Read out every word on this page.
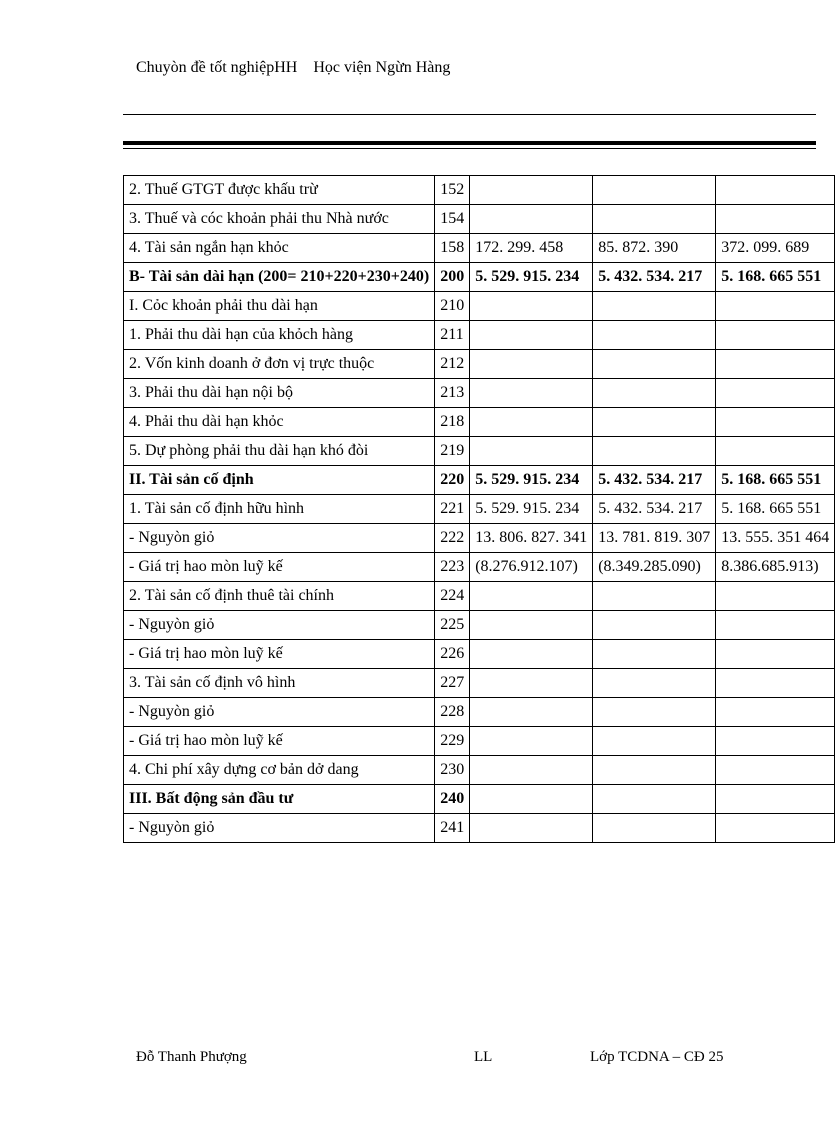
Chuyòn đề tốt nghiệpHH    Học viện Ngừn Hàng
2. Thuế GTGT được khấu trừ	152			
3. Thuế và cóc khoản phải thu Nhà nước	154			
4. Tài sản ngắn hạn khỏc	158	172. 299. 458	85. 872. 390	372. 099. 689
B- Tài sản dài hạn (200= 210+220+230+240)	200	5. 529. 915. 234	5. 432. 534. 217	5. 168. 665 551
I. Cỏc khoản phải thu dài hạn	210			
1. Phải thu dài hạn của khỏch hàng	211			
2. Vốn kinh doanh ở đơn vị trực thuộc	212			
3. Phải thu dài hạn nội bộ	213			
4. Phải thu dài hạn khỏc	218			
5. Dự phòng phải thu dài hạn khó đòi	219			
II. Tài sản cố định	220	5. 529. 915. 234	5. 432. 534. 217	5. 168. 665 551
1. Tài sản cố định hữu hình	221	5. 529. 915. 234	5. 432. 534. 217	5. 168. 665 551
- Nguyòn giỏ	222	13. 806. 827. 341	13. 781. 819. 307	13. 555. 351 464
- Giá trị hao mòn luỹ kế	223	(8.276.912.107)	(8.349.285.090)	8.386.685.913)
2. Tài sản cố định thuê tài chính	224			
- Nguyòn giỏ	225			
- Giá trị hao mòn luỹ kế	226			
3. Tài sản cố định vô hình	227			
- Nguyòn giỏ	228			
- Giá trị hao mòn luỹ kế	229			
4. Chi phí xây dựng cơ bản dở dang	230			
III. Bất động sản đầu tư	240			
- Nguyòn giỏ	241			
Đỗ Thanh Phượng	LL	Lớp TCDNA – CĐ 25
